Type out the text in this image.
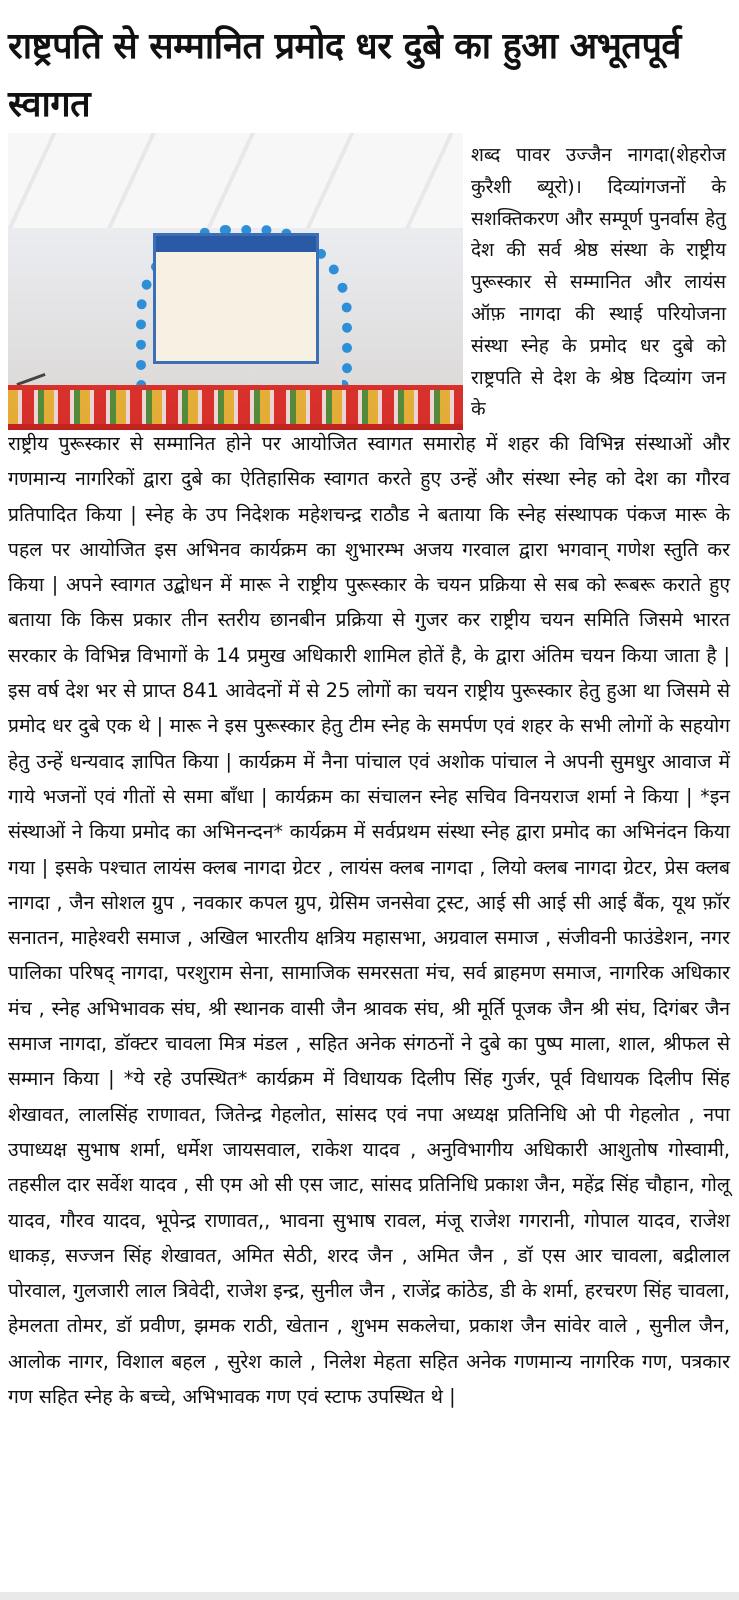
राष्ट्रपति से सम्मानित प्रमोद धर दुबे का हुआ अभूतपूर्व स्वागत
शब्द पावर उज्जैन नागदा(शेहरोज कुरैशी ब्यूरो)। दिव्यांगजनों के सशक्तिकरण और सम्पूर्ण पुनर्वास हेतु देश की सर्व श्रेष्ठ संस्था के राष्ट्रीय पुरूस्कार से सम्मानित और लायंस ऑफ़ नागदा की स्थाई परियोजना संस्था स्नेह के प्रमोद धर दुबे को राष्ट्रपति से देश के श्रेष्ठ दिव्यांग जन के
राष्ट्रीय पुरूस्कार से सम्मानित होने पर आयोजित स्वागत समारोह में शहर की विभिन्न संस्थाओं और गणमान्य नागरिकों द्वारा दुबे का ऐतिहासिक स्वागत करते हुए उन्हें और संस्था स्नेह को देश का गौरव प्रतिपादित किया | स्नेह के उप निदेशक महेशचन्द्र राठौड ने बताया कि स्नेह संस्थापक पंकज मारू के पहल पर आयोजित इस अभिनव कार्यक्रम का शुभारम्भ अजय गरवाल द्वारा भगवान् गणेश स्तुति कर किया | अपने स्वागत उद्बोधन में मारू ने राष्ट्रीय पुरूस्कार के चयन प्रक्रिया से सब को रूबरू कराते हुए बताया कि किस प्रकार तीन स्तरीय छानबीन प्रक्रिया से गुजर कर राष्ट्रीय चयन समिति जिसमे भारत सरकार के विभिन्न विभागों के 14 प्रमुख अधिकारी शामिल होतें है, के द्वारा अंतिम चयन किया जाता है | इस वर्ष देश भर से प्राप्त 841 आवेदनों में से 25 लोगों का चयन राष्ट्रीय पुरूस्कार हेतु हुआ था जिसमे से प्रमोद धर दुबे एक थे | मारू ने इस पुरूस्कार हेतु टीम स्नेह के समर्पण एवं शहर के सभी लोगों के सहयोग हेतु उन्हें धन्यवाद ज्ञापित किया | कार्यक्रम में नैना पांचाल एवं अशोक पांचाल ने अपनी सुमधुर आवाज में गाये भजनों एवं गीतों से समा बाँधा | कार्यक्रम का संचालन स्नेह सचिव विनयराज शर्मा ने किया | *इन संस्थाओं ने किया प्रमोद का अभिनन्दन* कार्यक्रम में सर्वप्रथम संस्था स्नेह द्वारा प्रमोद का अभिनंदन किया गया | इसके पश्चात लायंस क्लब नागदा ग्रेटर , लायंस क्लब नागदा , लियो क्लब नागदा ग्रेटर, प्रेस क्लब नागदा , जैन सोशल ग्रुप , नवकार कपल ग्रुप, ग्रेसिम जनसेवा ट्रस्ट, आई सी आई सी आई बैंक, यूथ फ़ॉर सनातन, माहेश्वरी समाज , अखिल भारतीय क्षत्रिय महासभा, अग्रवाल समाज , संजीवनी फाउंडेशन, नगर पालिका परिषद् नागदा, परशुराम सेना, सामाजिक समरसता मंच, सर्व ब्राहमण समाज, नागरिक अधिकार मंच , स्नेह अभिभावक संघ, श्री स्थानक वासी जैन श्रावक संघ, श्री मूर्ति पूजक जैन श्री संघ, दिगंबर जैन समाज नागदा, डॉक्टर चावला मित्र मंडल , सहित अनेक संगठनों ने दुबे का पुष्प माला, शाल, श्रीफल से सम्मान किया | *ये रहे उपस्थित* कार्यक्रम में विधायक दिलीप सिंह गुर्जर, पूर्व विधायक दिलीप सिंह शेखावत, लालसिंह राणावत, जितेन्द्र गेहलोत, सांसद एवं नपा अध्यक्ष प्रतिनिधि ओ पी गेहलोत , नपा उपाध्यक्ष सुभाष शर्मा, धर्मेश जायसवाल, राकेश यादव , अनुविभागीय अधिकारी आशुतोष गोस्वामी, तहसील दार सर्वेश यादव , सी एम ओ सी एस जाट, सांसद प्रतिनिधि प्रकाश जैन, महेंद्र सिंह चौहान, गोलू यादव, गौरव यादव, भूपेन्द्र राणावत,, भावना सुभाष रावल, मंजू राजेश गगरानी, गोपाल यादव, राजेश धाकड़, सज्जन सिंह शेखावत, अमित सेठी, शरद जैन , अमित जैन , डॉ एस आर चावला, बद्रीलाल पोरवाल, गुलजारी लाल त्रिवेदी, राजेश इन्द्र, सुनील जैन , राजेंद्र कांठेड, डी के शर्मा, हरचरण सिंह चावला, हेमलता तोमर, डॉ प्रवीण, झमक राठी, खेतान , शुभम सकलेचा, प्रकाश जैन सांवेर वाले , सुनील जैन, आलोक नागर, विशाल बहल , सुरेश काले , निलेश मेहता सहित अनेक गणमान्य नागरिक गण, पत्रकार गण सहित स्नेह के बच्चे, अभिभावक गण एवं स्टाफ उपस्थित थे |
